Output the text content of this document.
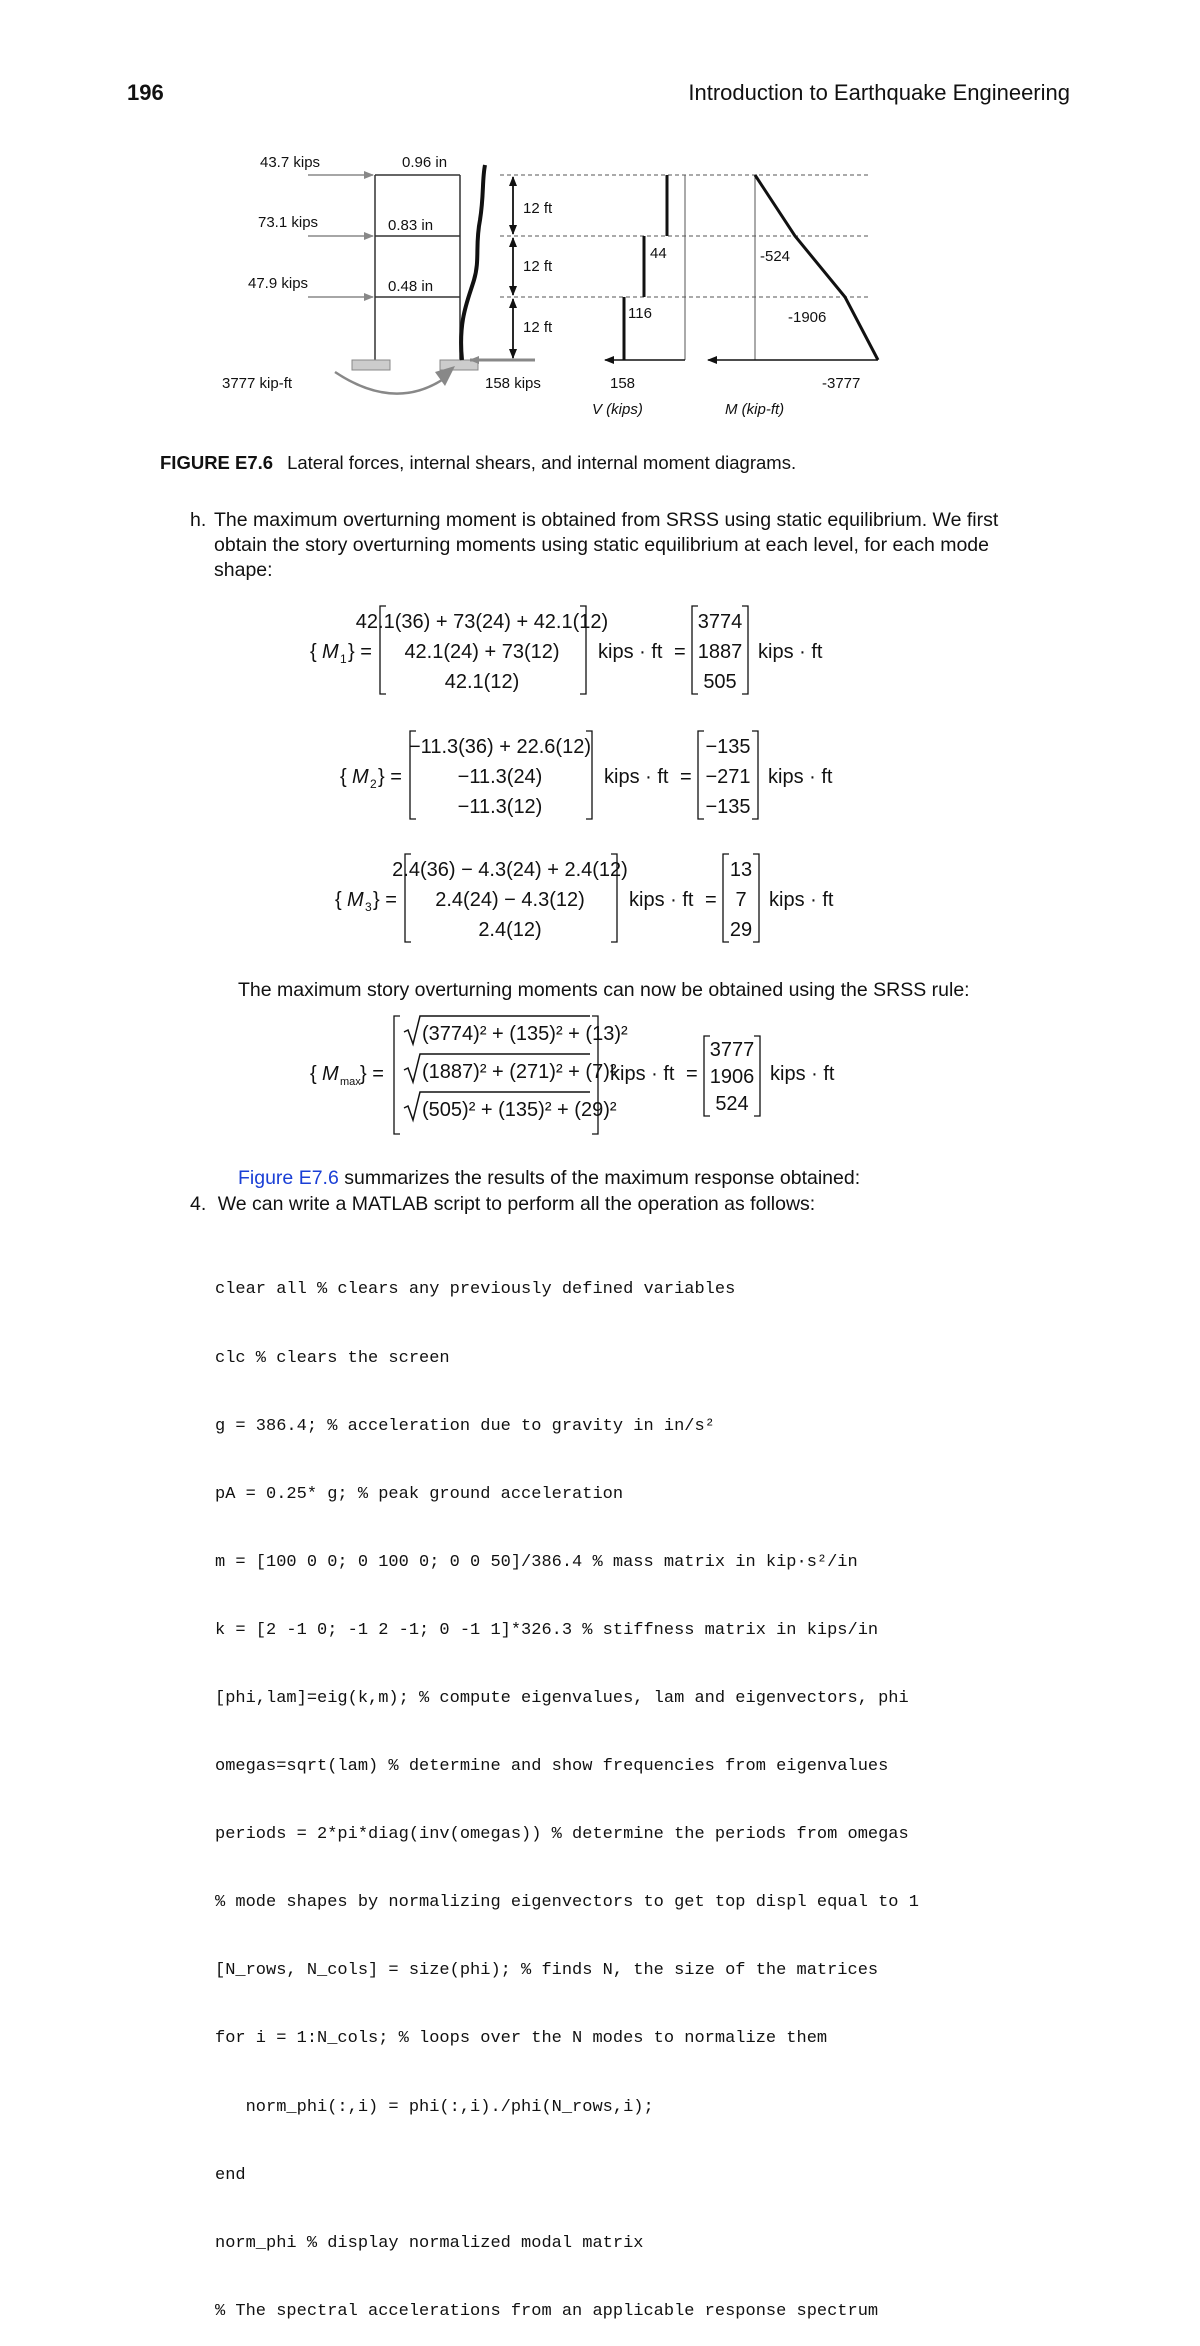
196	Introduction to Earthquake Engineering
43.7 kips
73.1 kips
47.9 kips
0.96 in
0.83 in
0.48 in
3777 kip-ft	158 kips
12 ft
12 ft
12 ft
44
116
158
V (kips)
-524
-1906
-3777
M (kip-ft)
FIGURE E7.6 Lateral forces, internal shears, and internal moment diagrams.
h. The maximum overturning moment is obtained from SRSS using static equilibrium. We first obtain the story overturning moments using static equilibrium at each level, for each mode shape:
{ M 1 } =
42.1(36) + 73(24) + 42.1(12)
42.1(24) + 73(12)
42.1(12)
kips · ft =
3774
1887
505
kips · ft
{ M 2 } =
−11.3(36) + 22.6(12)
−11.3(24)
−11.3(12)
kips · ft =
−135
−271
−135
kips · ft
{ M 3 } =
2.4(36) − 4.3(24) + 2.4(12)
2.4(24) − 4.3(12)
2.4(12)
kips · ft =
13
7
29
kips · ft
The maximum story overturning moments can now be obtained using the SRSS rule:
{ M max } =
(3774)² + (135)² + (13)²
(1887)² + (271)² + (7)²
(505)² + (135)² + (29)²
kips · ft =
3777
1906
524
kips · ft
Figure E7.6 summarizes the results of the maximum response obtained:
4. We can write a MATLAB script to perform all the operation as follows:

clear all % clears any previously defined variables

clc % clears the screen

g = 386.4; % acceleration due to gravity in in/s²

pA = 0.25* g; % peak ground acceleration

m = [100 0 0; 0 100 0; 0 0 50]/386.4 % mass matrix in kip·s²/in

k = [2 -1 0; -1 2 -1; 0 -1 1]*326.3 % stiffness matrix in kips/in

[phi,lam]=eig(k,m); % compute eigenvalues, lam and eigenvectors, phi

omegas=sqrt(lam) % determine and show frequencies from eigenvalues

periods = 2*pi*diag(inv(omegas)) % determine the periods from omegas

% mode shapes by normalizing eigenvectors to get top displ equal to 1

[N_rows, N_cols] = size(phi); % finds N, the size of the matrices

for i = 1:N_cols; % loops over the N modes to normalize them

norm_phi(:,i) = phi(:,i)./phi(N_rows,i);

end

norm_phi % display normalized modal matrix

% The spectral accelerations from an applicable response spectrum
